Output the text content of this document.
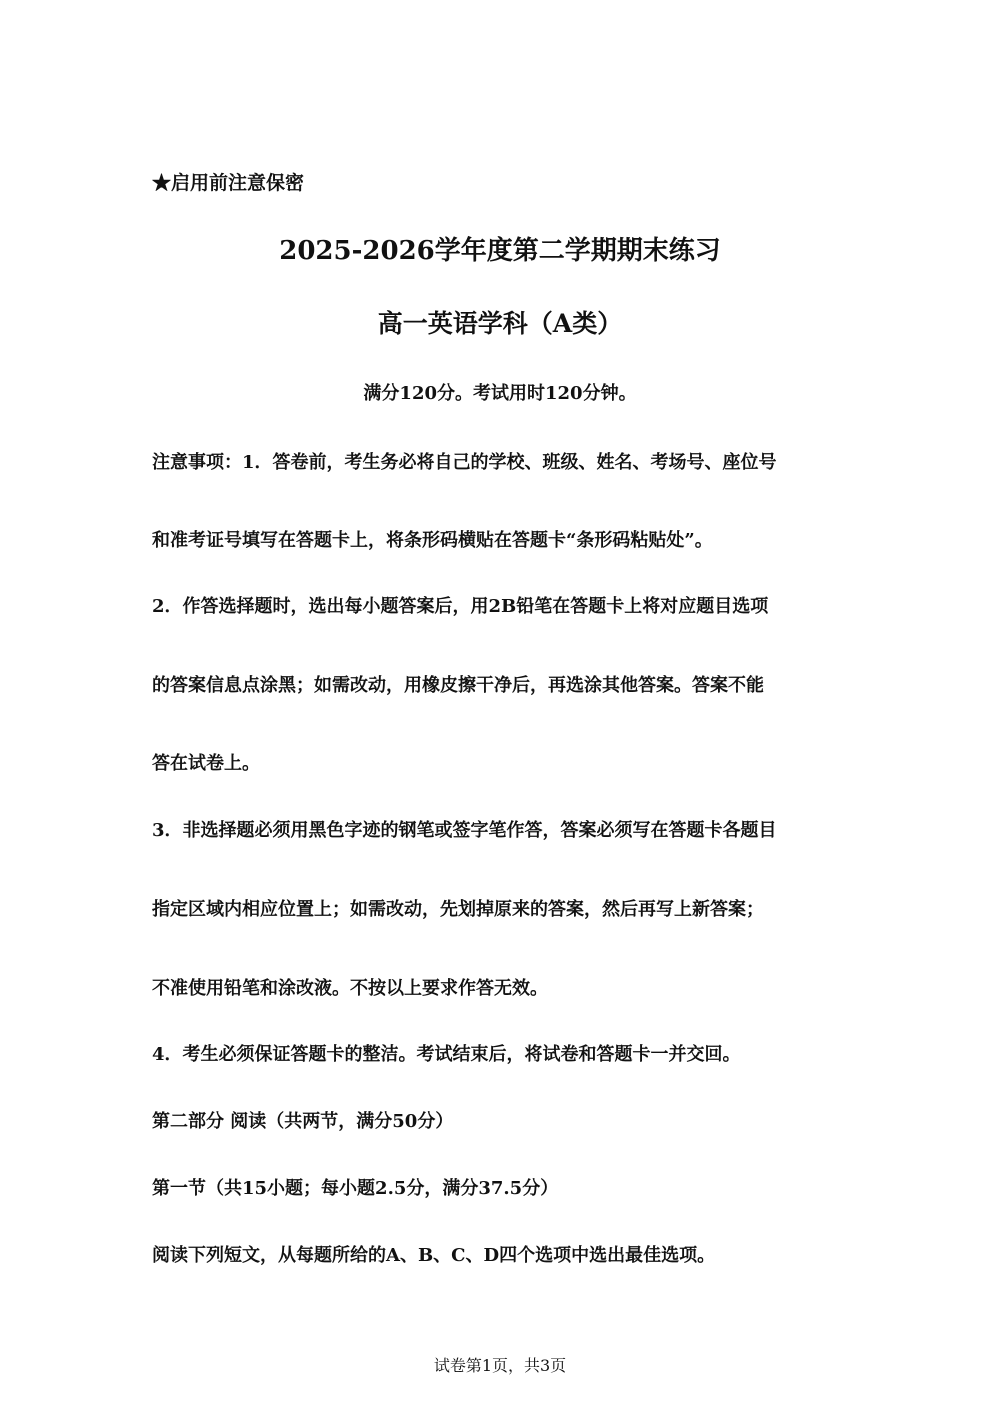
★启用前注意保密
2025-2026学年度第二学期期末练习
高一英语学科（A类）
满分120分。考试用时120分钟。
注意事项：1．答卷前，考生务必将自己的学校、班级、姓名、考场号、座位号
和准考证号填写在答题卡上，将条形码横贴在答题卡“条形码粘贴处”。
2．作答选择题时，选出每小题答案后，用2B铅笔在答题卡上将对应题目选项
的答案信息点涂黑；如需改动，用橡皮擦干净后，再选涂其他答案。答案不能
答在试卷上。
3．非选择题必须用黑色字迹的钢笔或签字笔作答，答案必须写在答题卡各题目
指定区域内相应位置上；如需改动，先划掉原来的答案，然后再写上新答案；
不准使用铅笔和涂改液。不按以上要求作答无效。
4．考生必须保证答题卡的整洁。考试结束后，将试卷和答题卡一并交回。
第二部分 阅读（共两节，满分50分）
第一节（共15小题；每小题2.5分，满分37.5分）
阅读下列短文，从每题所给的A、B、C、D四个选项中选出最佳选项。
试卷第1页，共3页
